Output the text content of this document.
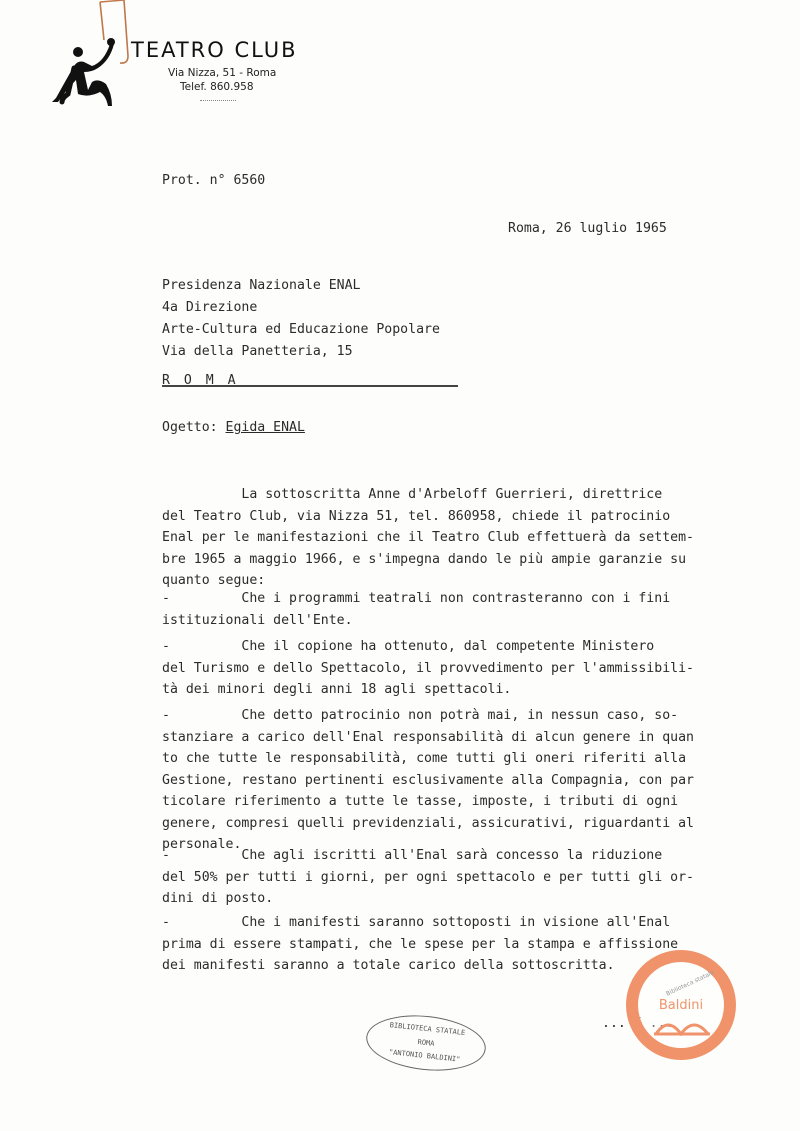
TEATRO CLUB
Via Nizza, 51 - Roma
Telef. 860.958
Prot. n° 6560
Roma, 26 luglio 1965
Presidenza Nazionale ENAL
4a Direzione
Arte-Cultura ed Educazione Popolare
Via della Panetteria, 15
R O M A
Ogetto: Egida ENAL
La sottoscritta Anne d'Arbeloff Guerrieri, direttrice
del Teatro Club, via Nizza 51, tel. 860958, chiede il patrocinio
Enal per le manifestazioni che il Teatro Club effettuerà da settem-
bre 1965 a maggio 1966, e s'impegna dando le più ampie garanzie su
quanto segue:
-         Che i programmi teatrali non contrasteranno con i fini
istituzionali dell'Ente.
-         Che il copione ha ottenuto, dal competente Ministero
del Turismo e dello Spettacolo, il provvedimento per l'ammissibili-
tà dei minori degli anni 18 agli spettacoli.
-         Che detto patrocinio non potrà mai, in nessun caso, so-
stanziare a carico dell'Enal responsabilità di alcun genere in quan
to che tutte le responsabilità, come tutti gli oneri riferiti alla
Gestione, restano pertinenti esclusivamente alla Compagnia, con par
ticolare riferimento a tutte le tasse, imposte, i tributi di ogni
genere, compresi quelli previdenziali, assicurativi, riguardanti al
personale.
-         Che agli iscritti all'Enal sarà concesso la riduzione
del 50% per tutti i giorni, per ogni spettacolo e per tutti gli or-
dini di posto.
-         Che i manifesti saranno sottoposti in visione all'Enal
prima di essere stampati, che le spese per la stampa e affissione
dei manifesti saranno a totale carico della sottoscritta.
BIBLIOTECA STATALE
ROMA
"ANTONIO BALDINI"
... / ...
Biblioteca statale
Baldini
